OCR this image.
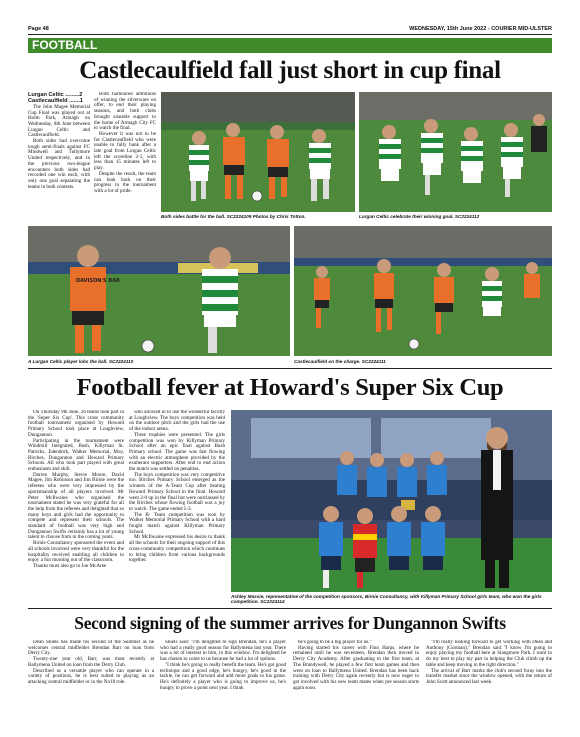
Page 48	WEDNESDAY, 15th June 2022 - COURIER MID-ULSTER
FOOTBALL
Castlecaulfield fall just short in cup final

Lurgan Celtic .........2

Castlecaulfield .......1

The John Magee Memorial Cup Final was played out at Holm Park, Armagh on Wednesday, 8th June between Lurgan Celtic and Castlecaulfield.

Both sides had overcome tough semi-finals against FC Mindwell and Tullymore United respectively, and in the previous two-league encounters both sides had recorded one win each, with only one goal separating the teams in both contests.

Both harboured ambitions of winning the silverware on offer, to end their playing seasons, and both clubs brought sizeable support to the home of Armagh City FC to watch the final.

However it was not to be for Castlecaulfield who were unable to fully bank after a late goal from Lurgan Celtic left the scoreline 2-1, with less than 15 minutes left to play.

Despite the result, the team can look back on their progress in the tournament with a lot of pride.

Both sides battle for the ball. SC2224109 Photos by Chris Totton.	Lurgan Celtic celebrate their winning goal. SC2224112
DAVISON'S BAR
A Lurgan Celtic player lobs the ball. SC2224110	Castlecaulfield on the charge. SC2224111
Football fever at Howard's Super Six Cup

On Thursday 9th June, 26 teams took part in the 'Super Six Cup'. This cross community football tournament organised by Howard Primary School took place at Loughview, Dungannon.

Participating in the tournament were Windmill Integrated, Bush, Killyman St. Patricks, Edendork, Walker Memorial, Moy, Birches, Dungannon and Howard Primary Schools. All who took part played with great enthusiasm and skill.

Darren Murphy, Stevie Moore, David Magee, Jim Robinson and Jim Birnie were the referees who were very impressed by the sportsmanship of all players involved. Mr Peter McIlwaine who organised the tournament stated he was very grateful for all the help from the referees and delighted that so many boys and girls had the opportunity to compete and represent their schools. The standard of football was very high and Dungannon Swifts certainly has a lot of young talent to choose from in the coming years.

Birnie Consultancy sponsored the event and all schools involved were very thankful for the hospitality received enabling all children to enjoy a fun morning out of the classroom.

Thanks must also go to Joe McAree

who allowed in to use the wonderful facility at Loughview. The boys competition was held on the outdoor pitch and the girls had the use of the indoor arena.

Three trophies were presented. The girls competition was won by Killyman Primary School after an epic final against Bush Primary school. The game was fast flowing with an electric atmosphere provided by the exuberant supporters. After end to end action the match was settled on penalties.

The boys competition was very competitive too. Birches Primary School emerged as the winners of the A-Team Cup after beating Howard Primary School in the final. Howard went 2-0 up in the final but were outclassed by the Birches whose flowing football was a joy to watch. The game ended 5-3.

The B- Team competition was won by Walker Memorial Primary School with a hard fought match against Killyman Primary School.

Mr McIlwaine expressed his desire to thank all the schools for their ongoing support of this cross-community competition which continues to bring children from various backgrounds together.

Ashley Massie, representative of the competition sponsors, Birnie Consultancy, with Killyman Primary School girls team, who won the girls competition. SC2224114
Second signing of the summer arrives for Dungannon Swifts

Dean Shiels has made his second of the Summer as he welcomes central midfielder Brendan Barr on loan from Derry City.

Twenty-one year old, Barr, was most recently at Ballymena United on loan from the Derry Club.

Described as a versatile player who can operate in a variety of positions, he is best suited to playing as an attacking central midfielder or in the No10 role.

Shiels said: "I'm delighted to sign Brendan, he's a player who had a really good season for Ballymena last year. There was a lot of interest in him, in this window. I'm delighted he has chosen to come to us because he had a lot of options.

"I think he's going to really benefit the team. He's got good technique and a good edge, he's hungry, he's good in the tackle, he can get forward and add more goals to his game. He's definitely a player who is going to improve us, he's hungry to prove a point next year. I think

he's going to be a big player for us."

Having started his career with Finn Harps, where he remained until he was seventeen, Brendan then moved to Derry City Academy. After graduating to the first team, at The Brandywell, he played a few first team games and then went on loan to Ballymena United. Brendan has been back training with Derry City again recently but is now eager to get involved with his new team mates when pre season starts again soon.

"I'm really looking forward to get working with Dean and Anthony (Gorman)," Brendan said "I know I'm going to enjoy playing my football here at Stangmore Park. I want to do my best to play my part in helping the Club climb up the table and keep moving in the right direction."

The arrival of Barr marks the club's second foray into the transfer market since the window opened, with the return of John Scott announced last week.
